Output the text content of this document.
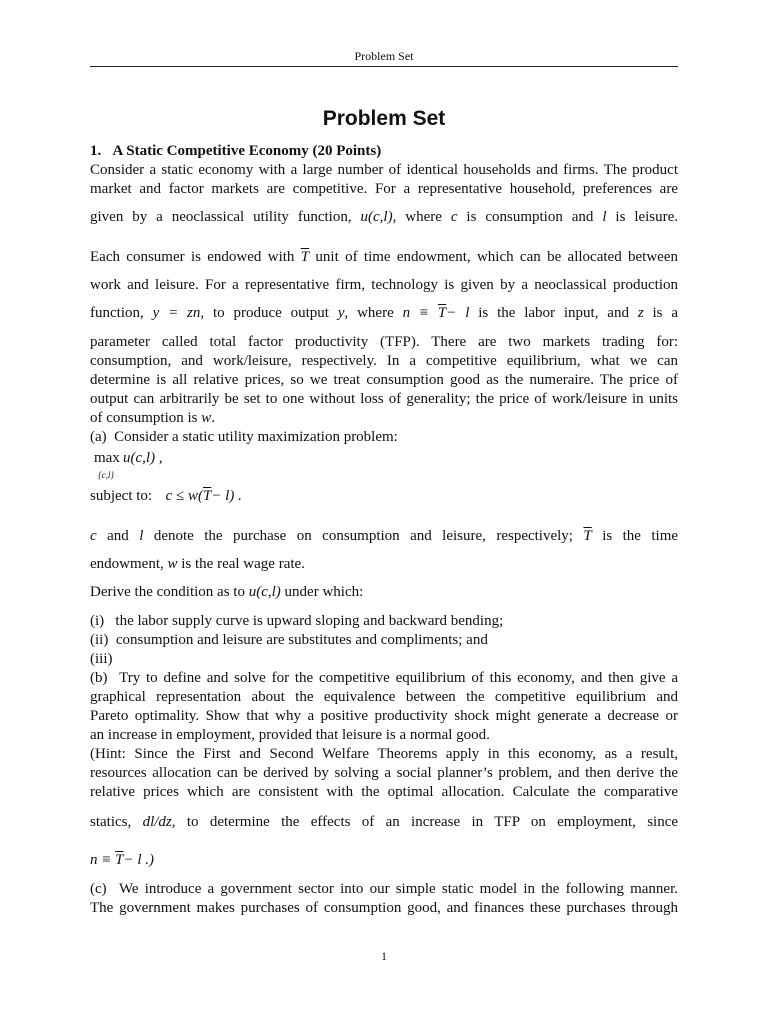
Problem Set
Problem Set
1.   A Static Competitive Economy (20 Points)
Consider a static economy with a large number of identical households and firms. The product
market and factor markets are competitive. For a representative household, preferences are
given by a neoclassical utility function, u(c,l), where c is consumption and l is leisure.
Each consumer is endowed with $\overline{T}$ unit of time endowment, which can be allocated between
work and leisure. For a representative firm, technology is given by a neoclassical production
function, y = zn, to produce output y, where $n \equiv \overline{T}- l$ is the labor input, and z is a
parameter called total factor productivity (TFP). There are two markets trading for:
consumption, and work/leisure, respectively. In a competitive equilibrium, what we can
determine is all relative prices, so we treat consumption good as the numeraire. The price of
output can arbitrarily be set to one without loss of generality; the price of work/leisure in units
of consumption is w.
(a)  Consider a static utility maximization problem:
max
{c,l}
u(c,l) ,
subject to: $c \le w(\overline{T}- l)$ .
c and l denote the purchase on consumption and leisure, respectively; $\overline{T}$ is the time
endowment, w is the real wage rate.
Derive the condition as to u(c,l) under which:
(i)   the labor supply curve is upward sloping and backward bending;
(ii)  consumption and leisure are substitutes and compliments; and
(iii)
(b)  Try to define and solve for the competitive equilibrium of this economy, and then give a
graphical representation about the equivalence between the competitive equilibrium and
Pareto optimality. Show that why a positive productivity shock might generate a decrease or
an increase in employment, provided that leisure is a normal good.
(Hint: Since the First and Second Welfare Theorems apply in this economy, as a result,
resources allocation can be derived by solving a social planner’s problem, and then derive the
relative prices which are consistent with the optimal allocation. Calculate the comparative
statics, dl/dz, to determine the effects of an increase in TFP on employment, since
$n \equiv \overline{T}- l$ .)
(c)  We introduce a government sector into our simple static model in the following manner.
The government makes purchases of consumption good, and finances these purchases through
1
